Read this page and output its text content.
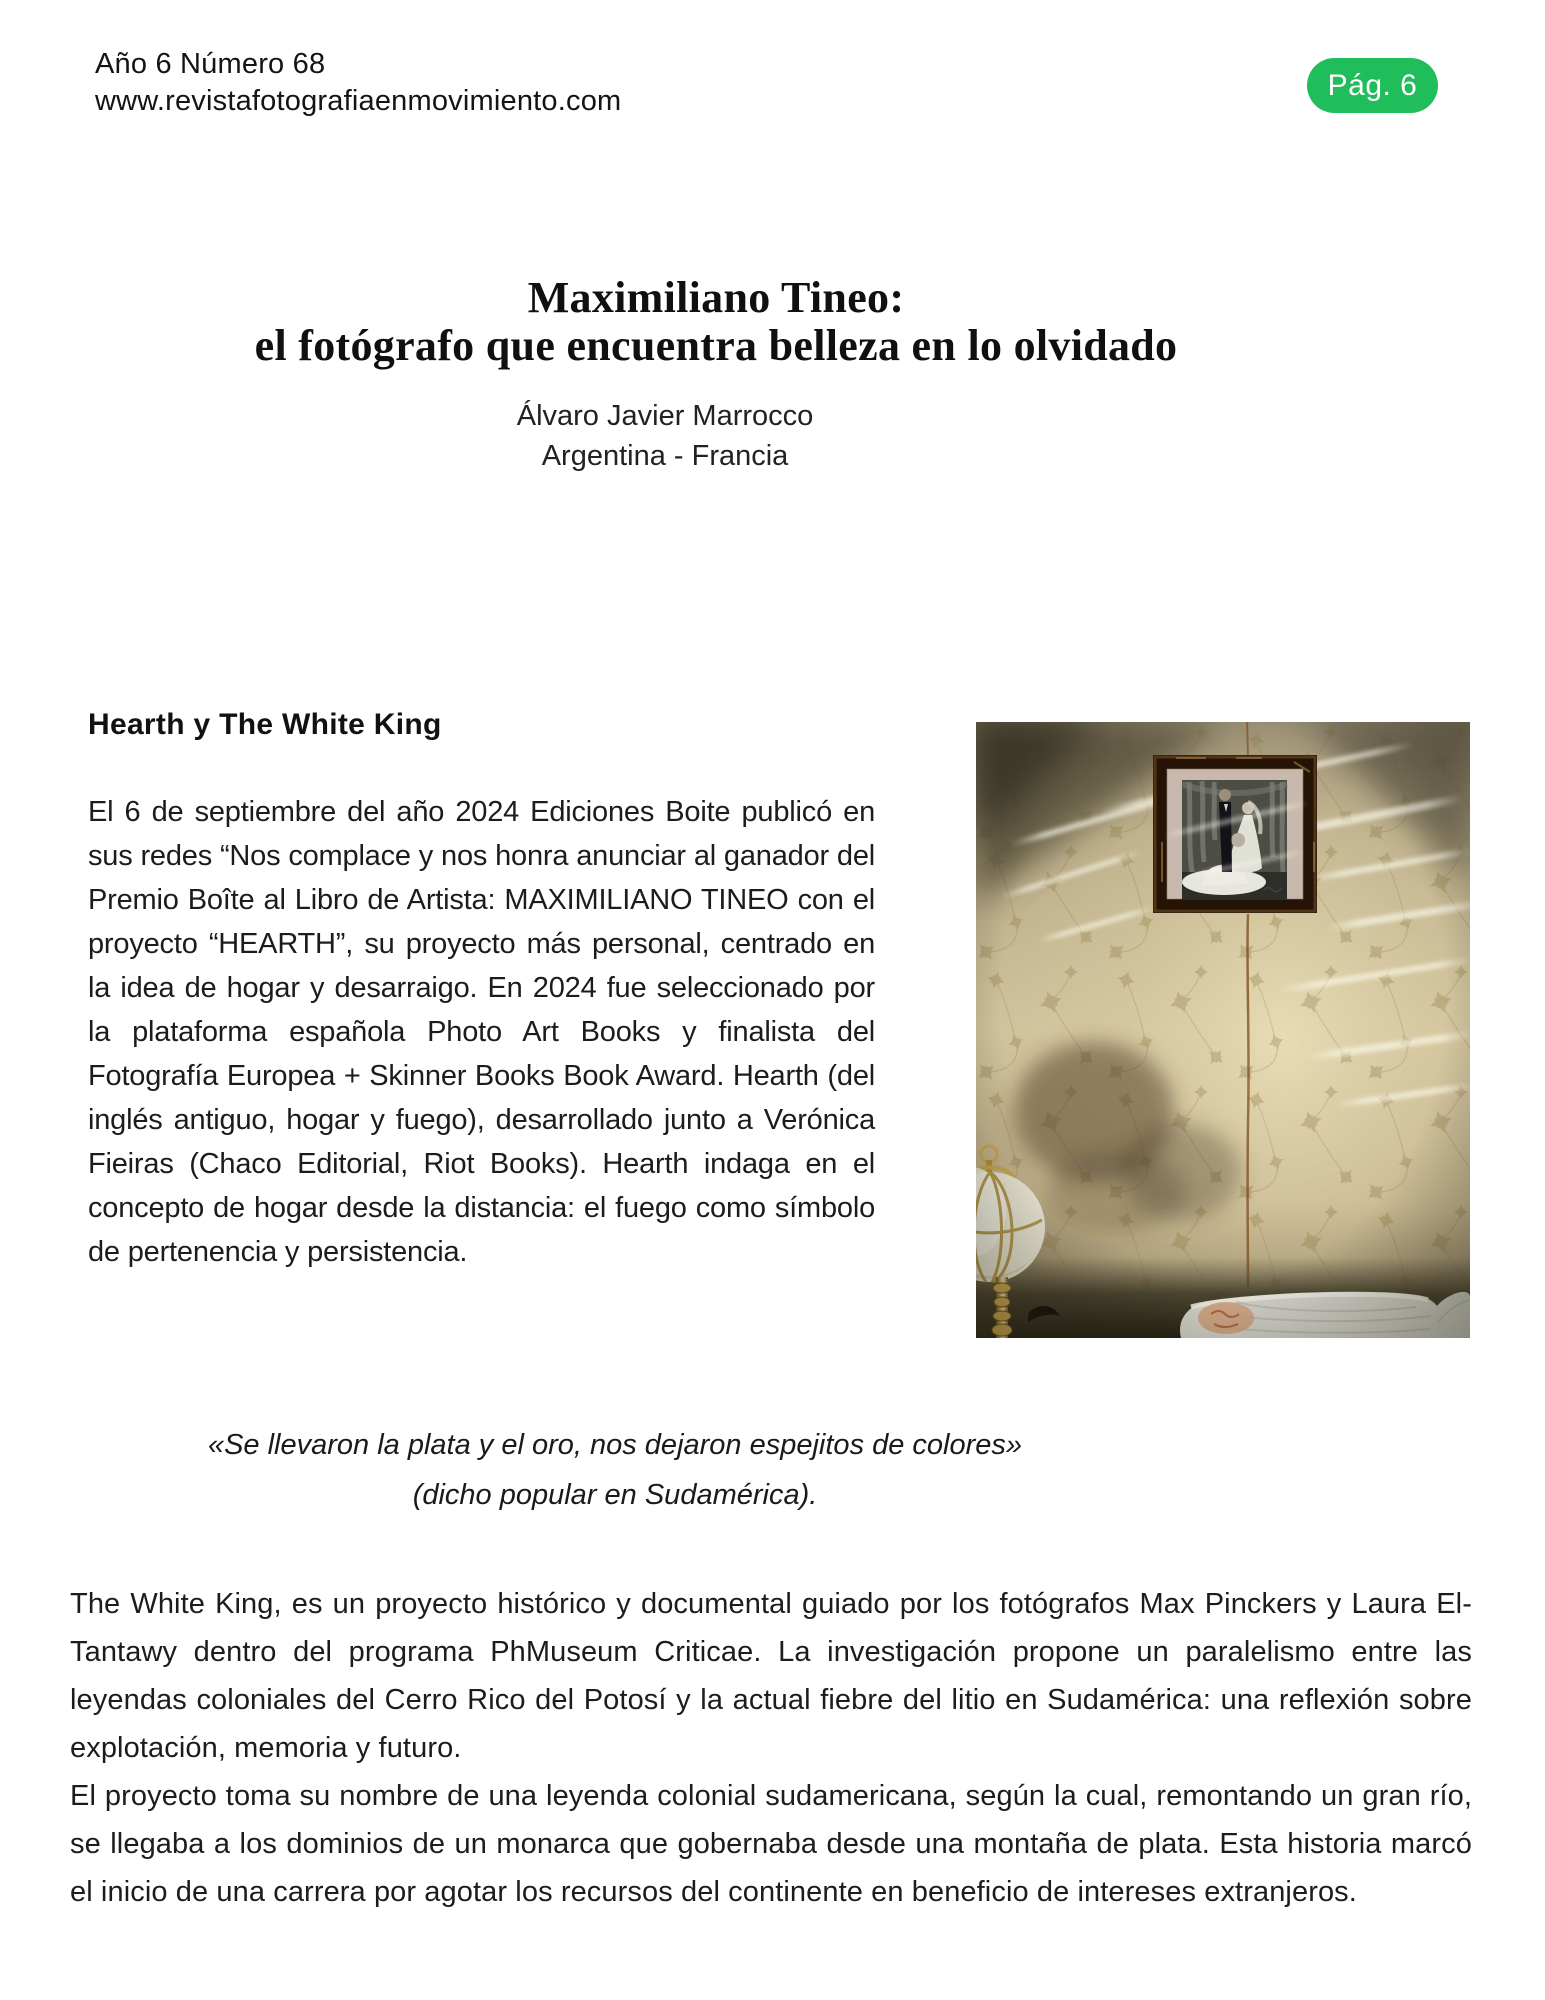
Año 6 Número 68
www.revistafotografiaenmovimiento.com	Pág. 6
Maximiliano Tineo:
el fotógrafo que encuentra belleza en lo olvidado
Álvaro Javier Marrocco
Argentina - Francia
Hearth y The White King
El 6 de septiembre del año 2024 Ediciones Boite publicó en sus redes “Nos complace y nos honra anunciar al ganador del Premio Boîte al Libro de Artista: MAXIMILIANO TINEO con el proyecto “HEARTH”, su proyecto más personal, centrado en la idea de hogar y desarraigo. En 2024 fue seleccionado por la plataforma española Photo Art Books y finalista del Fotografía Europea + Skinner Books Book Award. Hearth (del inglés antiguo, hogar y fuego), desarrollado junto a Verónica Fieiras (Chaco Editorial, Riot Books). Hearth indaga en el concepto de hogar desde la distancia: el fuego como símbolo de pertenencia y persistencia.
«Se llevaron la plata y el oro, nos dejaron espejitos de colores» (dicho popular en Sudamérica).

The White King, es un proyecto histórico y documental guiado por los fotógrafos Max Pinckers y Laura El-Tantawy dentro del programa PhMuseum Criticae. La investigación propone un paralelismo entre las leyendas coloniales del Cerro Rico del Potosí y la actual fiebre del litio en Sudamérica: una reflexión sobre explotación, memoria y futuro.

El proyecto toma su nombre de una leyenda colonial sudamericana, según la cual, remontando un gran río, se llegaba a los dominios de un monarca que gobernaba desde una montaña de plata. Esta historia marcó el inicio de una carrera por agotar los recursos del continente en beneficio de intereses extranjeros.
